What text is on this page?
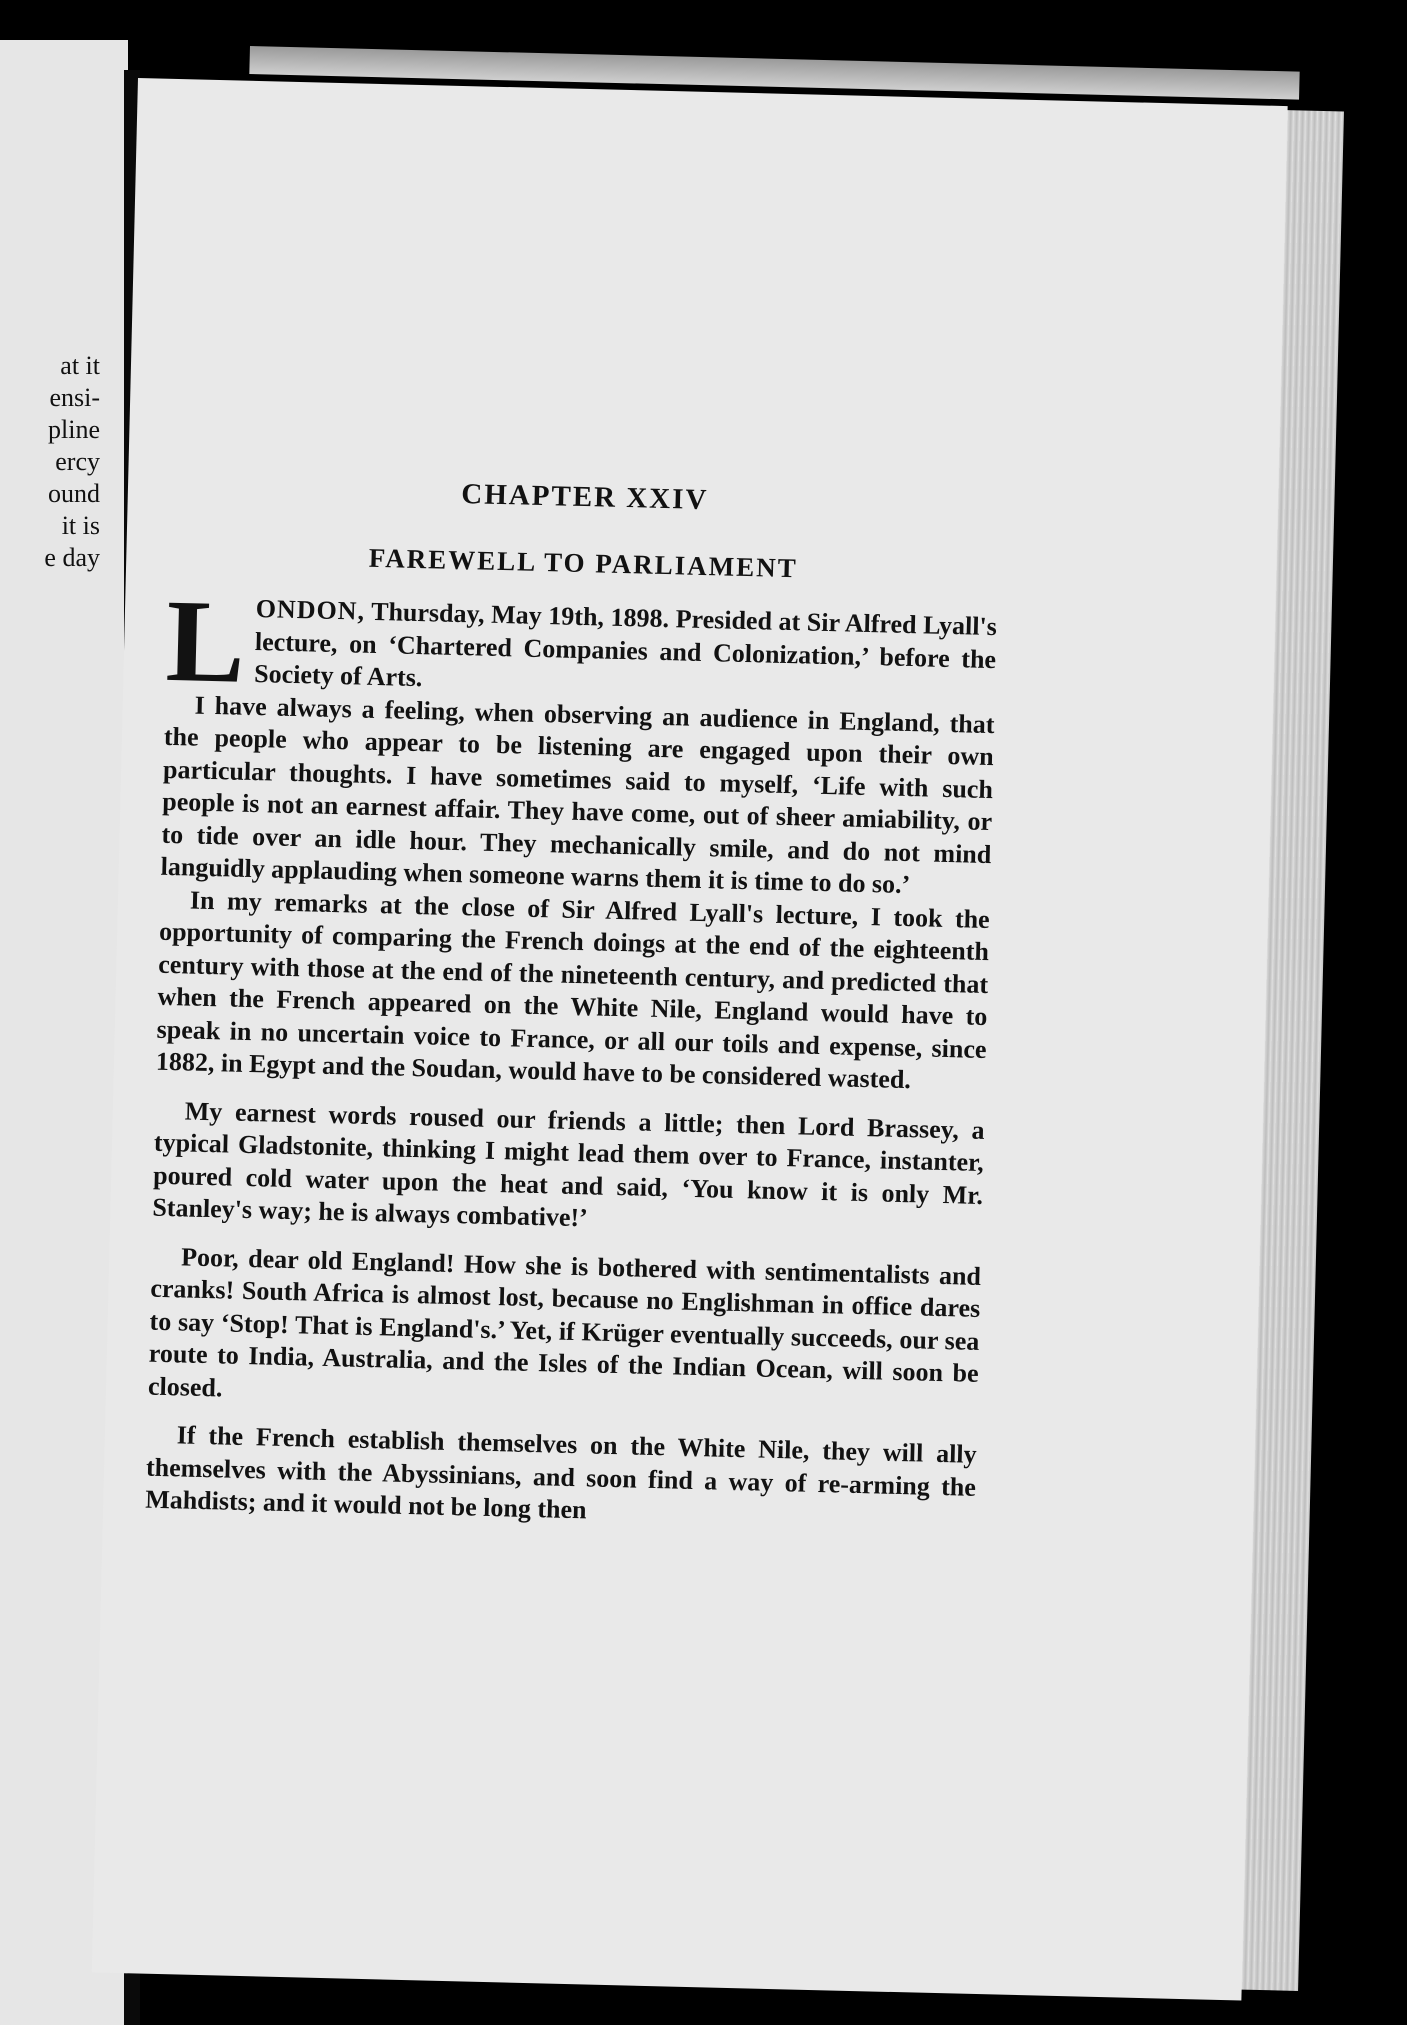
at it
ensi-
pline
ercy
ound
it is
e day
CHAPTER XXIV
FAREWELL TO PARLIAMENT

LONDON, Thursday, May 19th, 1898. Presided at Sir Alfred Lyall's lecture, on ‘Chartered Companies and Colonization,’ before the Society of Arts.

I have always a feeling, when observing an audience in England, that the people who appear to be listening are engaged upon their own particular thoughts. I have sometimes said to myself, ‘Life with such people is not an earnest affair. They have come, out of sheer amiability, or to tide over an idle hour. They mechanically smile, and do not mind languidly applauding when someone warns them it is time to do so.’

In my remarks at the close of Sir Alfred Lyall's lecture, I took the opportunity of comparing the French doings at the end of the eighteenth century with those at the end of the nineteenth century, and predicted that when the French appeared on the White Nile, England would have to speak in no uncertain voice to France, or all our toils and expense, since 1882, in Egypt and the Soudan, would have to be considered wasted.

My earnest words roused our friends a little; then Lord Brassey, a typical Gladstonite, thinking I might lead them over to France, instanter, poured cold water upon the heat and said, ‘You know it is only Mr. Stanley's way; he is always combative!’

Poor, dear old England! How she is bothered with sentimentalists and cranks! South Africa is almost lost, because no Englishman in office dares to say ‘Stop! That is England's.’ Yet, if Krüger eventually succeeds, our sea route to India, Australia, and the Isles of the Indian Ocean, will soon be closed.

If the French establish themselves on the White Nile, they will ally themselves with the Abyssinians, and soon find a way of re-arming the Mahdists; and it would not be long then
